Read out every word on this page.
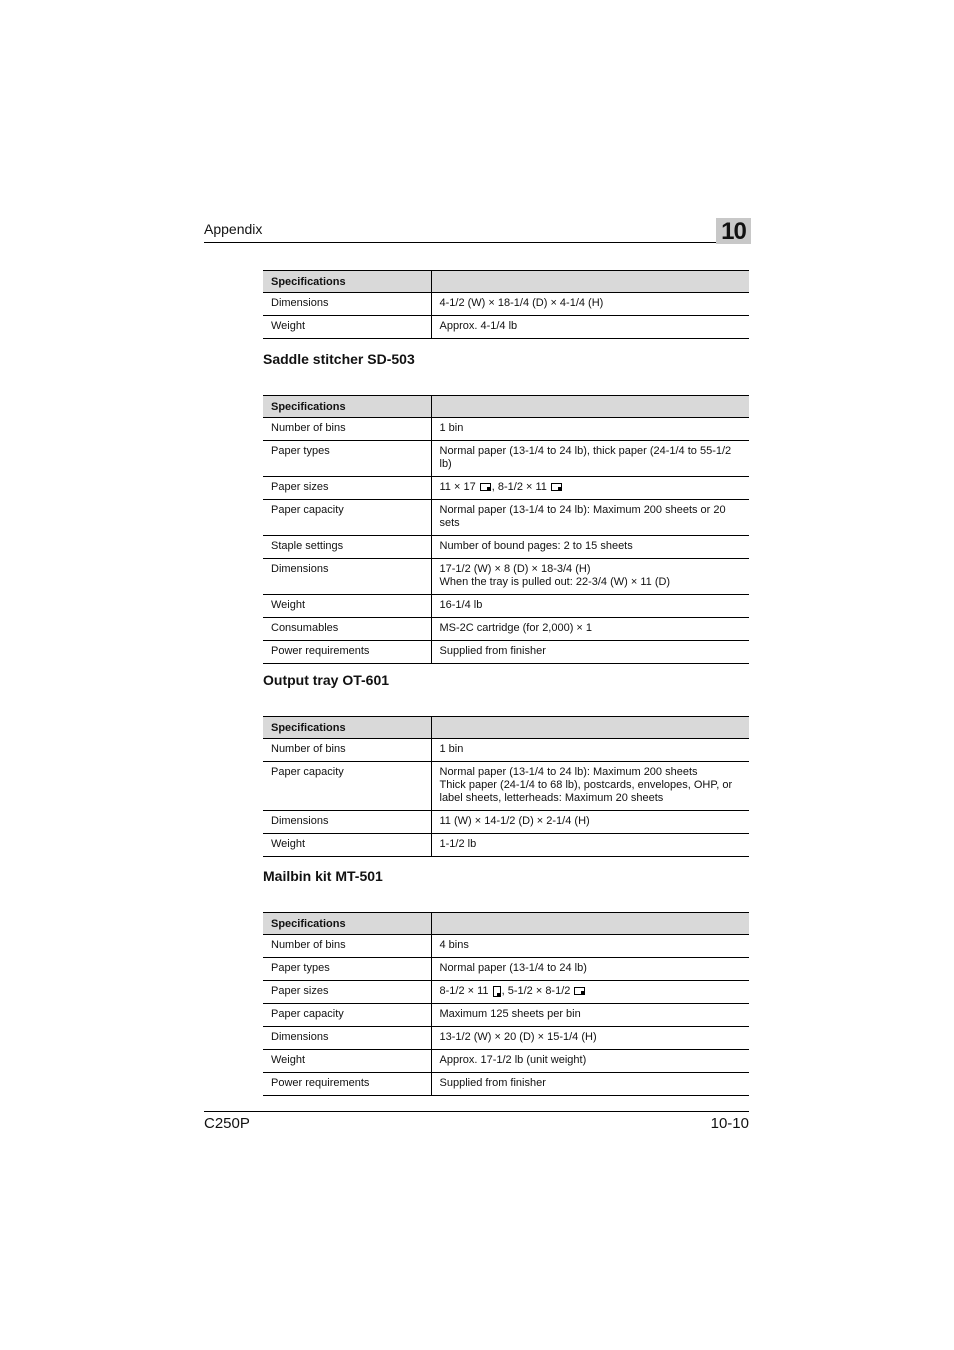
Appendix	10
Specifications	
Dimensions	4-1/2 (W) × 18-1/4 (D) × 4-1/4 (H)
Weight	Approx. 4-1/4 lb
Saddle stitcher SD-503
Specifications	
Number of bins	1 bin
Paper types	Normal paper (13-1/4 to 24 lb), thick paper (24-1/4 to 55-1/2 lb)
Paper sizes	11 × 17 , 8-1/2 × 11
Paper capacity	Normal paper (13-1/4 to 24 lb): Maximum 200 sheets or 20 sets
Staple settings	Number of bound pages: 2 to 15 sheets
Dimensions	17-1/2 (W) × 8 (D) × 18-3/4 (H)
When the tray is pulled out: 22-3/4 (W) × 11 (D)

Weight	16-1/4 lb
Consumables	MS-2C cartridge (for 2,000) × 1
Power requirements	Supplied from finisher
Output tray OT-601
Specifications	
Number of bins	1 bin
Paper capacity	Normal paper (13-1/4 to 24 lb): Maximum 200 sheets
Thick paper (24-1/4 to 68 lb), postcards, envelopes, OHP, or label sheets, letterheads: Maximum 20 sheets

Dimensions	11 (W) × 14-1/2 (D) × 2-1/4 (H)
Weight	1-1/2 lb
Mailbin kit MT-501
Specifications	
Number of bins	4 bins
Paper types	Normal paper (13-1/4 to 24 lb)
Paper sizes	8-1/2 × 11 , 5-1/2 × 8-1/2
Paper capacity	Maximum 125 sheets per bin
Dimensions	13-1/2 (W) × 20 (D) × 15-1/4 (H)
Weight	Approx. 17-1/2 lb (unit weight)
Power requirements	Supplied from finisher
C250P	10-10
